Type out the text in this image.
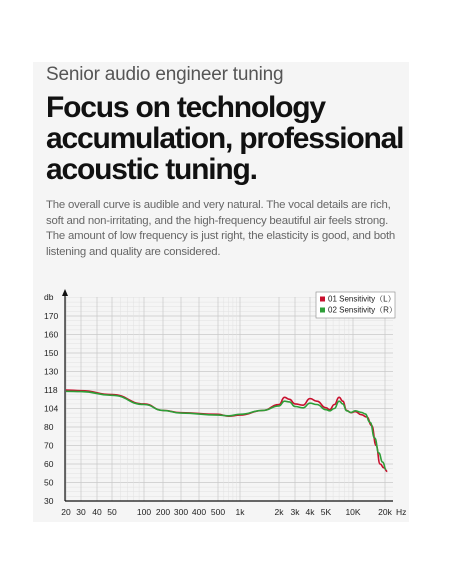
Senior audio engineer tuning
Focus on technology accumulation, professional acoustic tuning.
The overall curve is audible and very natural. The vocal details are rich, soft and non-irritating, and the high-frequency beautiful air feels strong. The amount of low frequency is just right, the elasticity is good, and both listening and quality are considered.
db
170
160
150
130
118
104
80
70
60
50
30
20 30 40 50 100 200 300 400 500 1k	2k 3k 4k 5K 10K 20k Hz
01 Sensitivity（L）
02 Sensitivity（R）
